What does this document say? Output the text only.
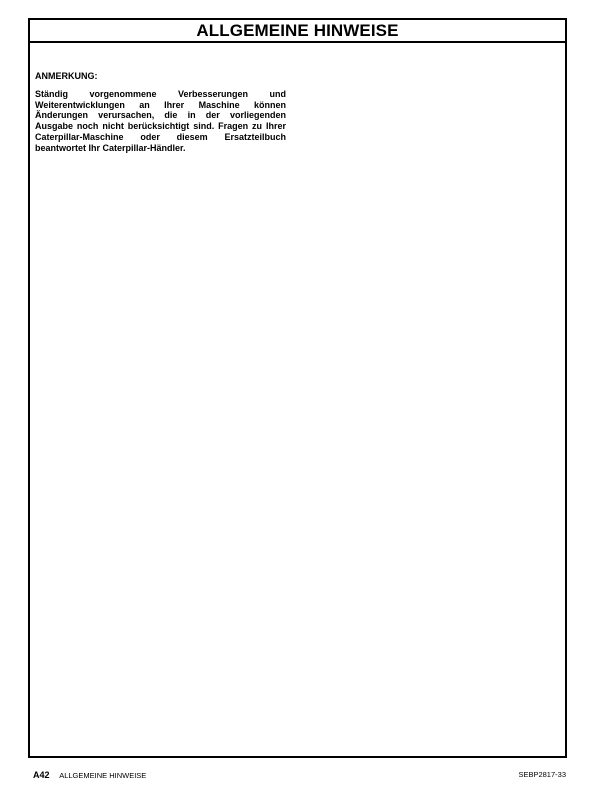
ALLGEMEINE HINWEISE

ANMERKUNG:

Ständig vorgenommene Verbesserungen und Weiterentwicklungen an Ihrer Maschine können Änderungen verursachen, die in der vorliegenden Ausgabe noch nicht berücksichtigt sind. Fragen zu Ihrer Caterpillar-Maschine oder diesem Ersatzteilbuch beantwortet Ihr Caterpillar-Händler.

A42 ALLGEMEINE HINWEISE	SEBP2817-33
